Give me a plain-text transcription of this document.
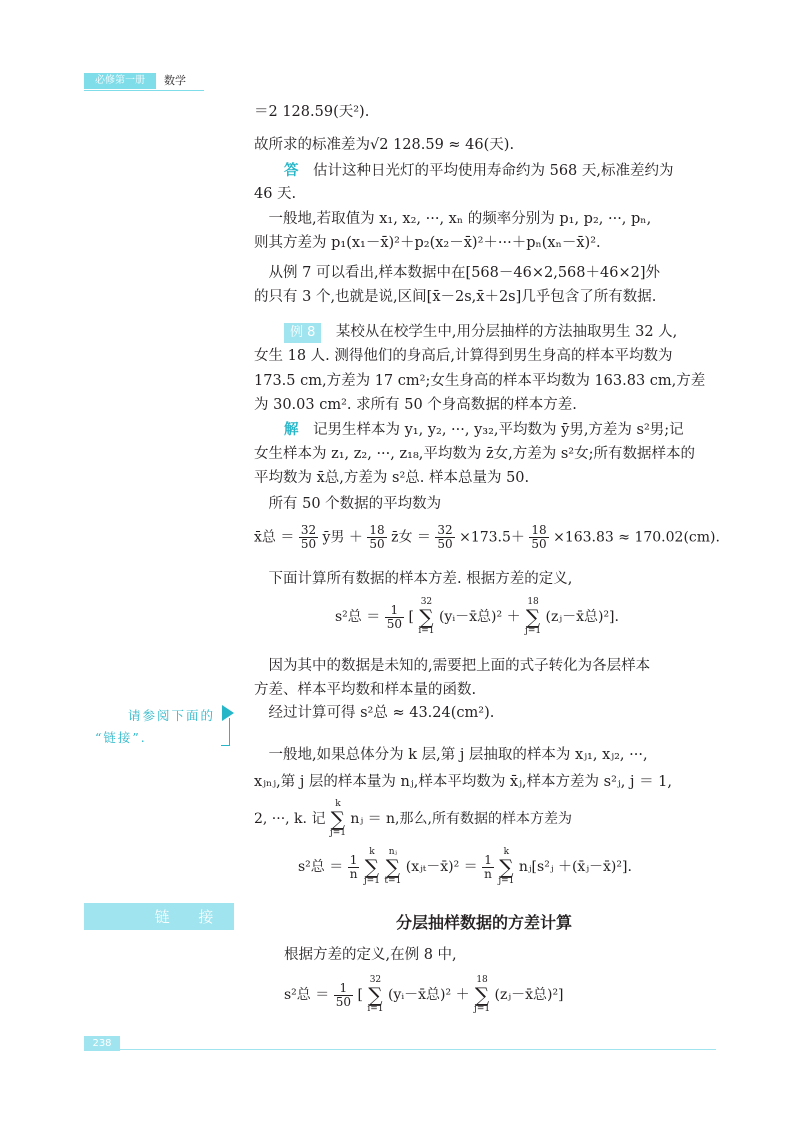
必修第一册	数学
＝2 128.59(天²).
故所求的标准差为√2 128.59 ≈ 46(天).
答　估计这种日光灯的平均使用寿命约为 568 天,标准差约为
46 天.
　一般地,若取值为 x₁, x₂, ···, xₙ 的频率分别为 p₁, p₂, ···, pₙ,
则其方差为 p₁(x₁－x̄)²＋p₂(x₂－x̄)²＋···＋pₙ(xₙ－x̄)².
　从例 7 可以看出,样本数据中在[568－46×2,568＋46×2]外
的只有 3 个,也就是说,区间[x̄－2s,x̄＋2s]几乎包含了所有数据.
例 8　某校从在校学生中,用分层抽样的方法抽取男生 32 人,
女生 18 人. 测得他们的身高后,计算得到男生身高的样本平均数为
173.5 cm,方差为 17 cm²;女生身高的样本平均数为 163.83 cm,方差
为 30.03 cm². 求所有 50 个身高数据的样本方差.
解　记男生样本为 y₁, y₂, ···, y₃₂,平均数为 ȳ男,方差为 s²男;记
女生样本为 z₁, z₂, ···, z₁₈,平均数为 z̄女,方差为 s²女;所有数据样本的
平均数为 x̄总,方差为 s²总. 样本总量为 50.
　所有 50 个数据的平均数为
x̄总 ＝ $\frac{32}{50}$ ȳ男 ＋ $\frac{18}{50}$ z̄女 ＝ $\frac{32}{50} \times 173.5+ \frac{18}{50} \times 163.83 \approx 170.02(cm)$.
　下面计算所有数据的样本方差. 根据方差的定义,
s²总 ＝ $\frac{1}{50}$ [ 32
∑
i=1 (yᵢ－x̄总)² ＋ 18
∑
j=1 (zⱼ－x̄总)²].
　因为其中的数据是未知的,需要把上面的式子转化为各层样本
方差、样本平均数和样本量的函数.
　经过计算可得 s²总 ≈ 43.24(cm²).
请参阅下面的
“链接”.
　一般地,如果总体分为 k 层,第 j 层抽取的样本为 xⱼ₁, xⱼ₂, ···,
xⱼₙⱼ,第 j 层的样本量为 nⱼ,样本平均数为 x̄ⱼ,样本方差为 s²ⱼ, j ＝ 1,
2, ···, k. 记 k
∑
j=1 nⱼ ＝ n,那么,所有数据的样本方差为
s²总 ＝ $\frac{1}{n}$
k
∑
j=1 nⱼ
∑
t=1 (xⱼₜ－x̄)² ＝ $\frac{1}{n}$
k
∑
j=1 nⱼ[s²ⱼ ＋(x̄ⱼ－x̄)²].
链 接	分层抽样数据的方差计算
根据方差的定义,在例 8 中,
s²总 ＝ $\frac{1}{50}$ [ 32
∑
i=1 (yᵢ－x̄总)² ＋ 18
∑
j=1 (zⱼ－x̄总)²]
238
